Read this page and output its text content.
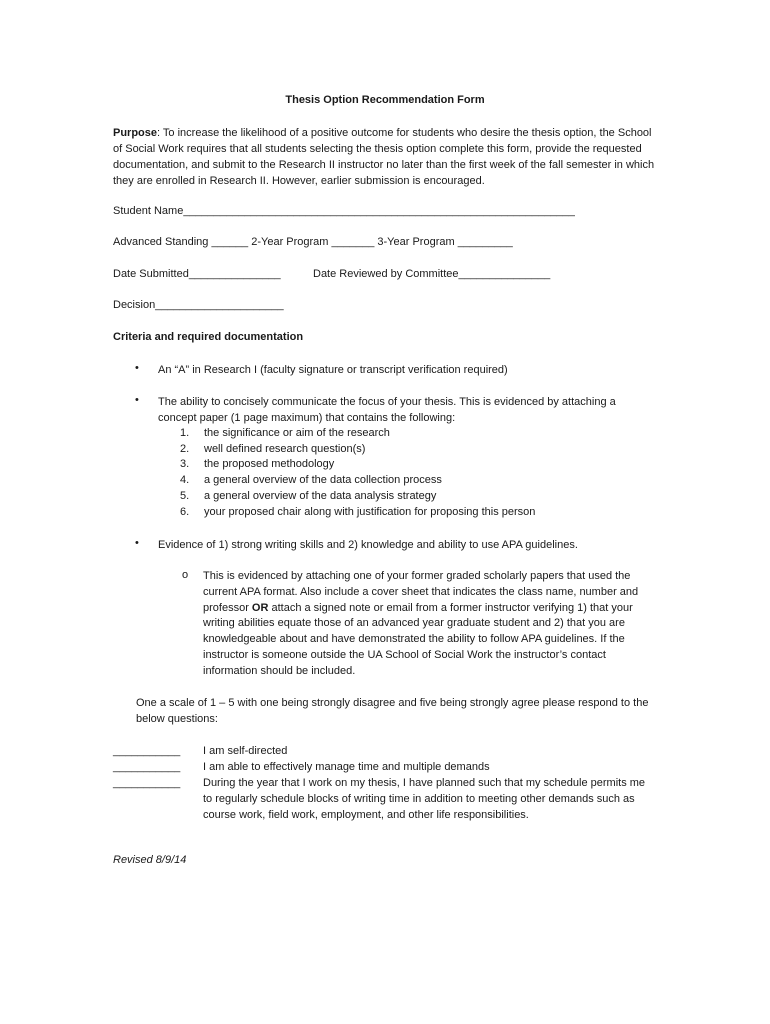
Thesis Option Recommendation Form
Purpose: To increase the likelihood of a positive outcome for students who desire the thesis option, the School of Social Work requires that all students selecting the thesis option complete this form, provide the requested documentation, and submit to the Research II instructor no later than the first week of the fall semester in which they are enrolled in Research II. However, earlier submission is encouraged.
Student Name________________________________________________________________
Advanced Standing ______ 2-Year Program _______ 3-Year Program _________
Date Submitted_______________	Date Reviewed by Committee_______________
Decision_____________________
Criteria and required documentation
• An “A” in Research I (faculty signature or transcript verification required)
• The ability to concisely communicate the focus of your thesis. This is evidenced by attaching a concept paper (1 page maximum) that contains the following:
1. the significance or aim of the research
2. well defined research question(s)
3. the proposed methodology
4. a general overview of the data collection process
5. a general overview of the data analysis strategy
6. your proposed chair along with justification for proposing this person
• Evidence of 1) strong writing skills and 2) knowledge and ability to use APA guidelines.
o This is evidenced by attaching one of your former graded scholarly papers that used the current APA format. Also include a cover sheet that indicates the class name, number and professor OR attach a signed note or email from a former instructor verifying 1) that your writing abilities equate those of an advanced year graduate student and 2) that you are knowledgeable about and have demonstrated the ability to follow APA guidelines. If the instructor is someone outside the UA School of Social Work the instructor’s contact information should be included.
One a scale of 1 – 5 with one being strongly disagree and five being strongly agree please respond to the below questions:
___________ I am self-directed
___________ I am able to effectively manage time and multiple demands
___________ During the year that I work on my thesis, I have planned such that my schedule permits me to regularly schedule blocks of writing time in addition to meeting other demands such as course work, field work, employment, and other life responsibilities.
Revised 8/9/14
